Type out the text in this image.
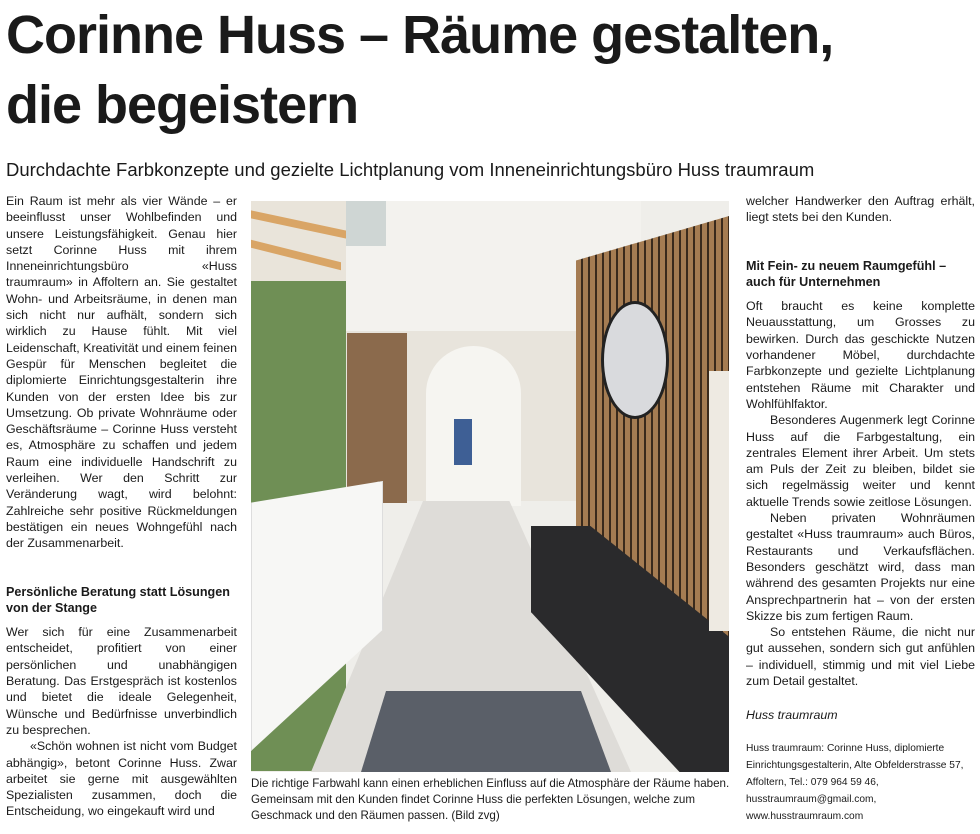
Corinne Huss – Räume gestalten,
die begeistern
Durchdachte Farbkonzepte und gezielte Lichtplanung vom Inneneinrichtungsbüro Huss traumraum

Ein Raum ist mehr als vier Wände – er beeinflusst unser Wohlbefinden und unsere Leistungsfähigkeit. Genau hier setzt Corinne Huss mit ihrem Inneneinrichtungsbüro «Huss traumraum» in Affoltern an. Sie gestaltet Wohn- und Arbeitsräume, in denen man sich nicht nur aufhält, sondern sich wirklich zu Hause fühlt. Mit viel Leidenschaft, Kreativität und einem feinen Gespür für Menschen begleitet die diplomierte Einrichtungsgestalterin ihre Kunden von der ersten Idee bis zur Umsetzung. Ob private Wohnräume oder Geschäftsräume – Corinne Huss versteht es, Atmosphäre zu schaffen und jedem Raum eine individuelle Handschrift zu verleihen. Wer den Schritt zur Veränderung wagt, wird belohnt: Zahlreiche sehr positive Rückmeldungen bestätigen ein neues Wohngefühl nach der Zusammenarbeit.

Persönliche Beratung statt Lösungen von der Stange

Wer sich für eine Zusammenarbeit entscheidet, profitiert von einer persönlichen und unabhängigen Beratung. Das Erstgespräch ist kostenlos und bietet die ideale Gelegenheit, Wünsche und Bedürfnisse unverbindlich zu besprechen.

«Schön wohnen ist nicht vom Budget abhängig», betont Corinne Huss. Zwar arbeitet sie gerne mit ausgewählten Spezialisten zusammen, doch die Entscheidung, wo eingekauft wird und

Die richtige Farbwahl kann einen erheblichen Einfluss auf die Atmosphäre der Räume haben. Gemeinsam mit den Kunden findet Corinne Huss die perfekten Lösungen, welche zum Geschmack und den Räumen passen. (Bild zvg)

welcher Handwerker den Auftrag erhält, liegt stets bei den Kunden.

Mit Fein- zu neuem Raumgefühl – auch für Unternehmen

Oft braucht es keine komplette Neuausstattung, um Grosses zu bewirken. Durch das geschickte Nutzen vorhandener Möbel, durchdachte Farbkonzepte und gezielte Lichtplanung entstehen Räume mit Charakter und Wohlfühlfaktor.

Besonderes Augenmerk legt Corinne Huss auf die Farbgestaltung, ein zentrales Element ihrer Arbeit. Um stets am Puls der Zeit zu bleiben, bildet sie sich regelmässig weiter und kennt aktuelle Trends sowie zeitlose Lösungen.

Neben privaten Wohnräumen gestaltet «Huss traumraum» auch Büros, Restaurants und Verkaufsflächen. Besonders geschätzt wird, dass man während des gesamten Projekts nur eine Ansprechpartnerin hat – von der ersten Skizze bis zum fertigen Raum.

So entstehen Räume, die nicht nur gut aussehen, sondern sich gut anfühlen – individuell, stimmig und mit viel Liebe zum Detail gestaltet.

Huss traumraum

Huss traumraum: Corinne Huss, diplomierte Einrichtungsgestalterin, Alte Obfelderstrasse 57, Affoltern, Tel.: 079 964 59 46, husstraumraum@gmail.com, www.husstraumraum.com
